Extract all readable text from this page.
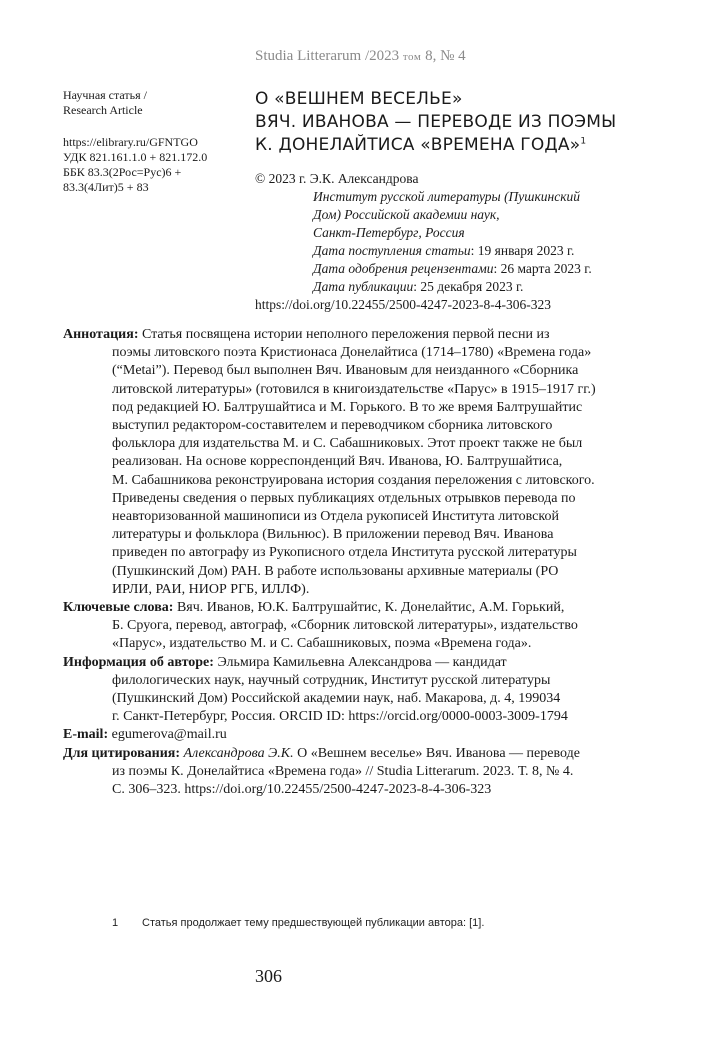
Studia Litterarum /2023 том 8, № 4
Научная статья /
Research Article
https://elibrary.ru/GFNTGO
УДК 821.161.1.0 + 821.172.0
ББК 83.3(2Рос=Рус)6 +
83.3(4Лит)5 + 83
О «ВЕШНЕМ ВЕСЕЛЬЕ»
ВЯЧ. ИВАНОВА — ПЕРЕВОДЕ ИЗ ПОЭМЫ
К. ДОНЕЛАЙТИСА «ВРЕМЕНА ГОДА»$^1$
© 2023 г. Э.К. Александрова
Институт русской литературы (Пушкинский
Дом) Российской академии наук,
Санкт-Петербург, Россия
Дата поступления статьи: 19 января 2023 г.
Дата одобрения рецензентами: 26 марта 2023 г.
Дата публикации: 25 декабря 2023 г.
https://doi.org/10.22455/2500-4247-2023-8-4-306-323
Аннотация: Статья посвящена истории неполного переложения первой песни из
поэмы литовского поэта Кристионаса Донелайтиса (1714–1780) «Времена года»
(“Metai”). Перевод был выполнен Вяч. Ивановым для неизданного «Сборника
литовской литературы» (готовился в книгоиздательстве «Парус» в 1915–1917 гг.)
под редакцией Ю. Балтрушайтиса и М. Горького. В то же время Балтрушайтис
выступил редактором-составителем и переводчиком сборника литовского
фольклора для издательства М. и С. Сабашниковых. Этот проект также не был
реализован. На основе корреспонденций Вяч. Иванова, Ю. Балтрушайтиса,
М. Сабашникова реконструирована история создания переложения с литовского.
Приведены сведения о первых публикациях отдельных отрывков перевода по
неавторизованной машинописи из Отдела рукописей Института литовской
литературы и фольклора (Вильнюс). В приложении перевод Вяч. Иванова
приведен по автографу из Рукописного отдела Института русской литературы
(Пушкинский Дом) РАН. В работе использованы архивные материалы (РО
ИРЛИ, РАИ, НИОР РГБ, ИЛЛФ).
Ключевые слова: Вяч. Иванов, Ю.К. Балтрушайтис, К. Донелайтис, А.М. Горький,
Б. Сруога, перевод, автограф, «Сборник литовской литературы», издательство
«Парус», издательство М. и С. Сабашниковых, поэма «Времена года».
Информация об авторе: Эльмира Камильевна Александрова — кандидат
филологических наук, научный сотрудник, Институт русской литературы
(Пушкинский Дом) Российской академии наук, наб. Макарова, д. 4, 199034
г. Санкт-Петербург, Россия. ORCID ID: https://orcid.org/0000-0003-3009-1794
E-mail: egumerova@mail.ru
Для цитирования: Александрова Э.К. О «Вешнем веселье» Вяч. Иванова — переводе
из поэмы К. Донелайтиса «Времена года» // Studia Litterarum. 2023. Т. 8, № 4.
С. 306–323. https://doi.org/10.22455/2500-4247-2023-8-4-306-323
1 Статья продолжает тему предшествующей публикации автора: [1].
306
